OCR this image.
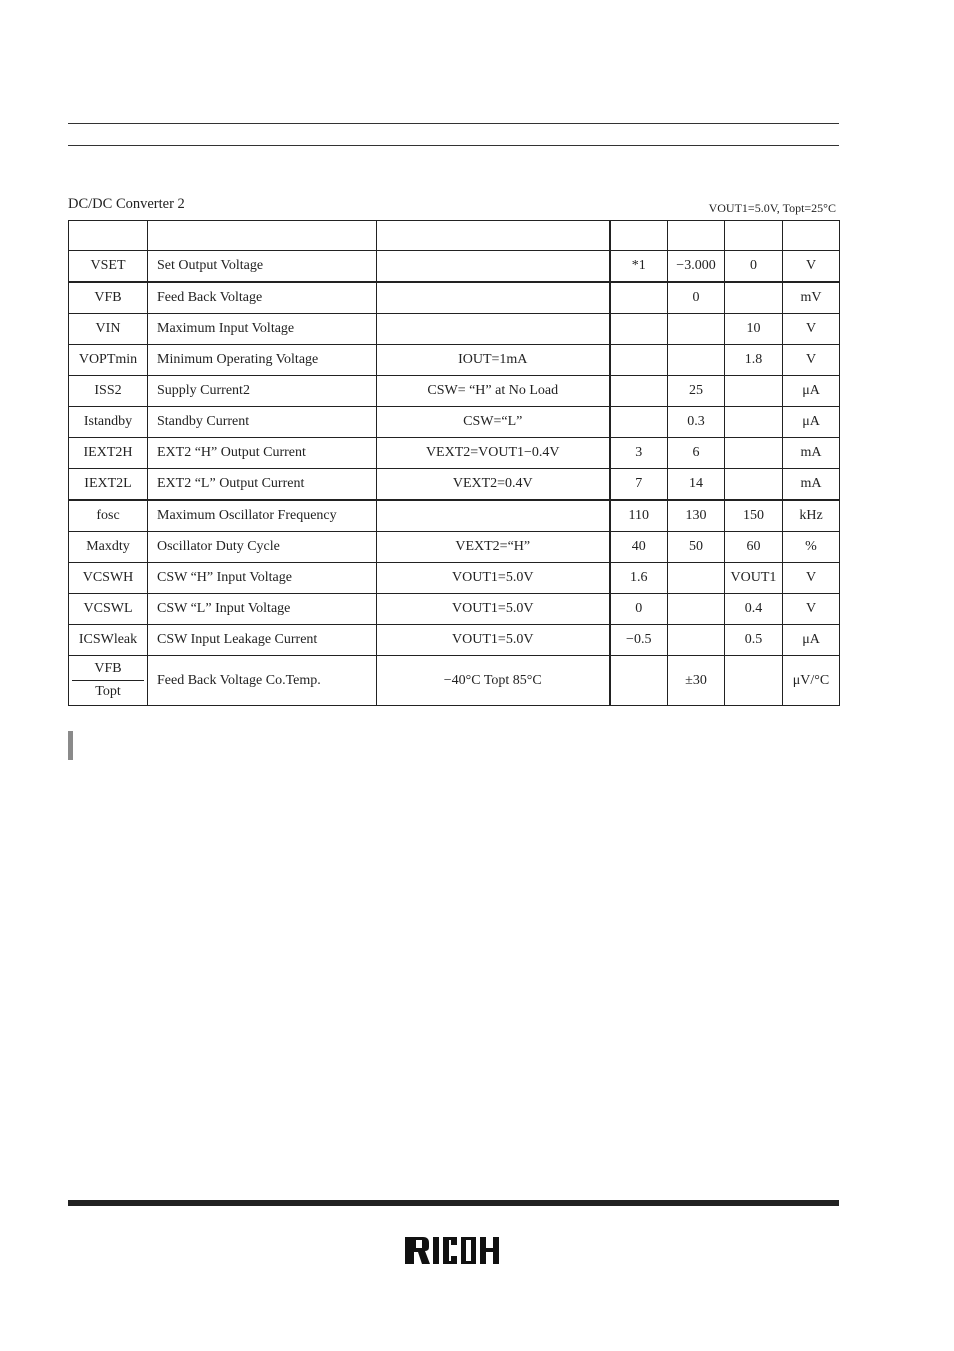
DC/DC Converter 2	VOUT1=5.0V, Topt=25°C

VSET	Set Output Voltage		*1	−3.000	0	V
VFB	Feed Back Voltage			0		mV
VIN	Maximum Input Voltage				10	V
VOPTmin	Minimum Operating Voltage	IOUT=1mA			1.8	V
ISS2	Supply Current2	CSW= “H” at No Load		25		μA
Istandby	Standby Current	CSW=“L”		0.3		μA
IEXT2H	EXT2 “H” Output Current	VEXT2=VOUT1−0.4V	3	6		mA
IEXT2L	EXT2 “L” Output Current	VEXT2=0.4V	7	14		mA
fosc	Maximum Oscillator Frequency		110	130	150	kHz
Maxdty	Oscillator Duty Cycle	VEXT2=“H”	40	50	60	%
VCSWH	CSW “H” Input Voltage	VOUT1=5.0V	1.6		VOUT1	V
VCSWL	CSW “L” Input Voltage	VOUT1=5.0V	0		0.4	V
ICSWleak	CSW Input Leakage Current	VOUT1=5.0V	−0.5		0.5	μA

VFB
Topt	Feed Back Voltage Co.Temp.	−40°C Topt 85°C		±30		μV/°C
